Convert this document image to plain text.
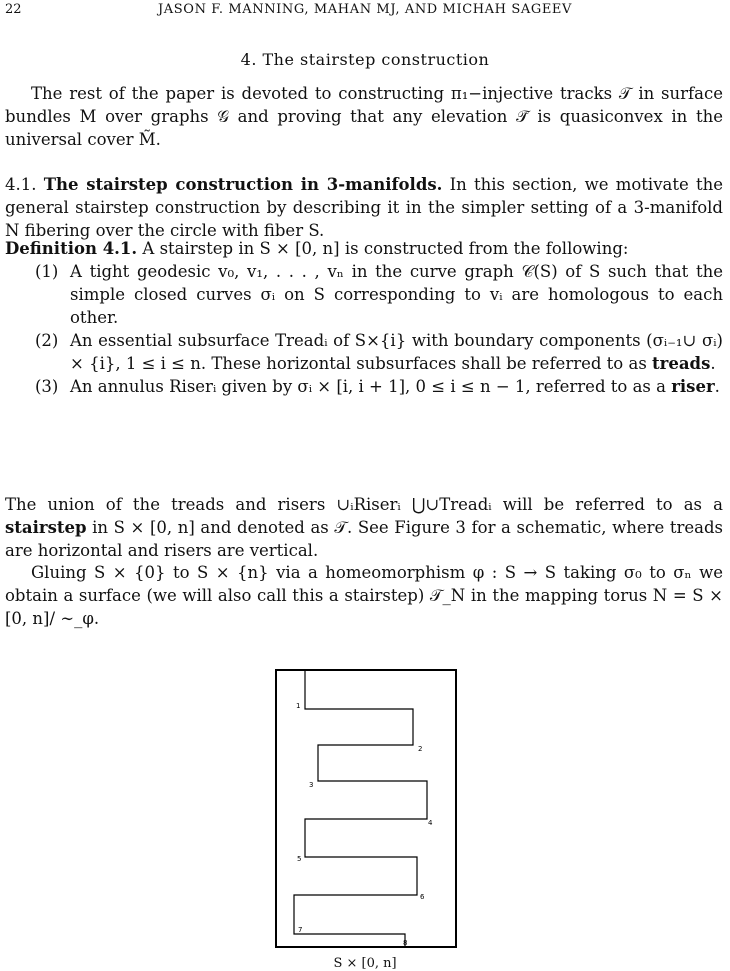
22	JASON F. MANNING, MAHAN MJ, AND MICHAH SAGEEV
4. The stairstep construction

The rest of the paper is devoted to constructing π₁−injective tracks 𝒯 in surface bundles M over graphs 𝒢 and proving that any elevation 𝒯̃ is quasiconvex in the universal cover M̃.

4.1. The stairstep construction in 3-manifolds. In this section, we motivate the general stairstep construction by describing it in the simpler setting of a 3-manifold N fibering over the circle with fiber S.

Definition 4.1. A stairstep in S × [0, n] is constructed from the following:

(1) A tight geodesic v₀, v₁, . . . , vₙ in the curve graph 𝒞(S) of S such that the simple closed curves σᵢ on S corresponding to vᵢ are homologous to each other.
(2) An essential subsurface Treadᵢ of S×{i} with boundary components (σᵢ₋₁∪ σᵢ) × {i}, 1 ≤ i ≤ n. These horizontal subsurfaces shall be referred to as treads.
(3) An annulus Riserᵢ given by σᵢ × [i, i + 1], 0 ≤ i ≤ n − 1, referred to as a riser.

The union of the treads and risers ∪ᵢRiserᵢ ⋃∪Treadᵢ will be referred to as a stairstep in S × [0, n] and denoted as 𝒯. See Figure 3 for a schematic, where treads are horizontal and risers are vertical.

Gluing S × {0} to S × {n} via a homeomorphism φ : S → S taking σ₀ to σₙ we obtain a surface (we will also call this a stairstep) 𝒯_N in the mapping torus N = S × [0, n]/ ∼_φ.

1
2
3
4
5
6
7
8
S × [0, n]
